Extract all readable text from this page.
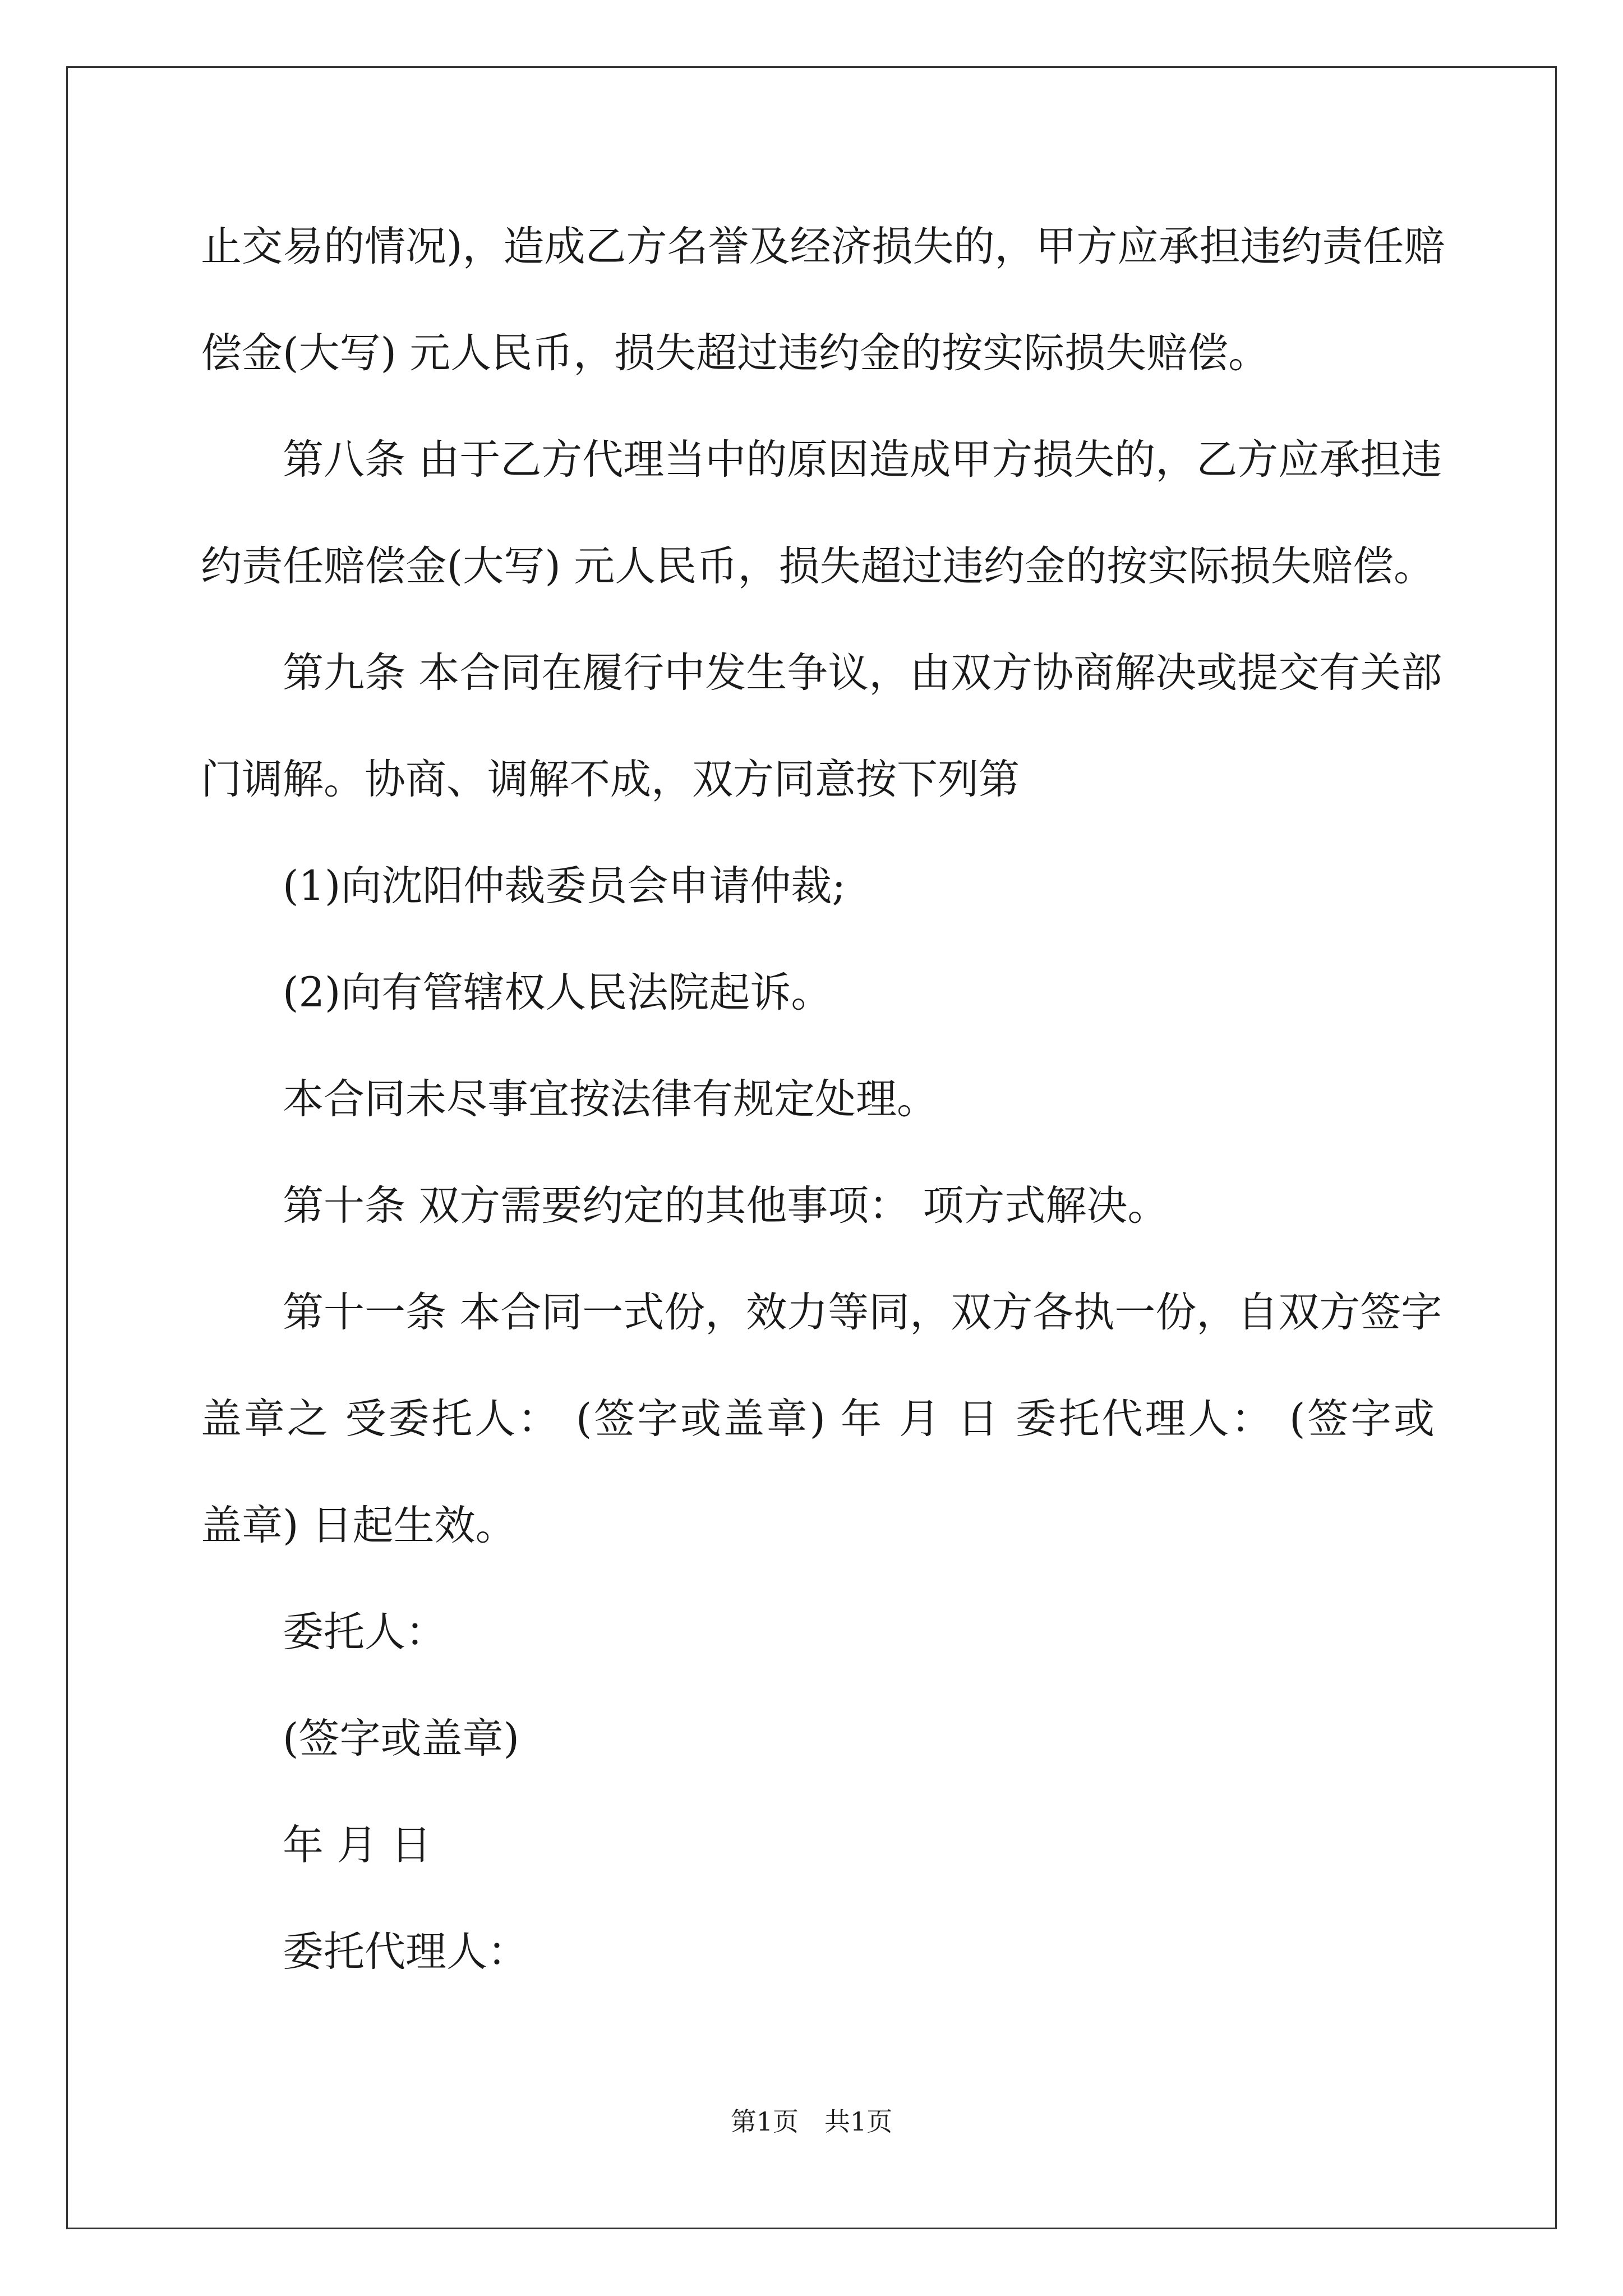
止交易的情况)，造成乙方名誉及经济损失的，甲方应承担违约责任赔
偿金(大写) 元人民币，损失超过违约金的按实际损失赔偿。
第八条 由于乙方代理当中的原因造成甲方损失的，乙方应承担违
约责任赔偿金(大写) 元人民币，损失超过违约金的按实际损失赔偿。
第九条 本合同在履行中发生争议，由双方协商解决或提交有关部
门调解。协商、调解不成，双方同意按下列第
(1)向沈阳仲裁委员会申请仲裁;
(2)向有管辖权人民法院起诉。
本合同未尽事宜按法律有规定处理。
第十条 双方需要约定的其他事项： 项方式解决。
第十一条 本合同一式份，效力等同，双方各执一份，自双方签字
盖章之 受委托人： (签字或盖章) 年 月 日 委托代理人： (签字或
盖章) 日起生效。
委托人：
(签字或盖章)
年 月 日
委托代理人：
第1页　共1页
